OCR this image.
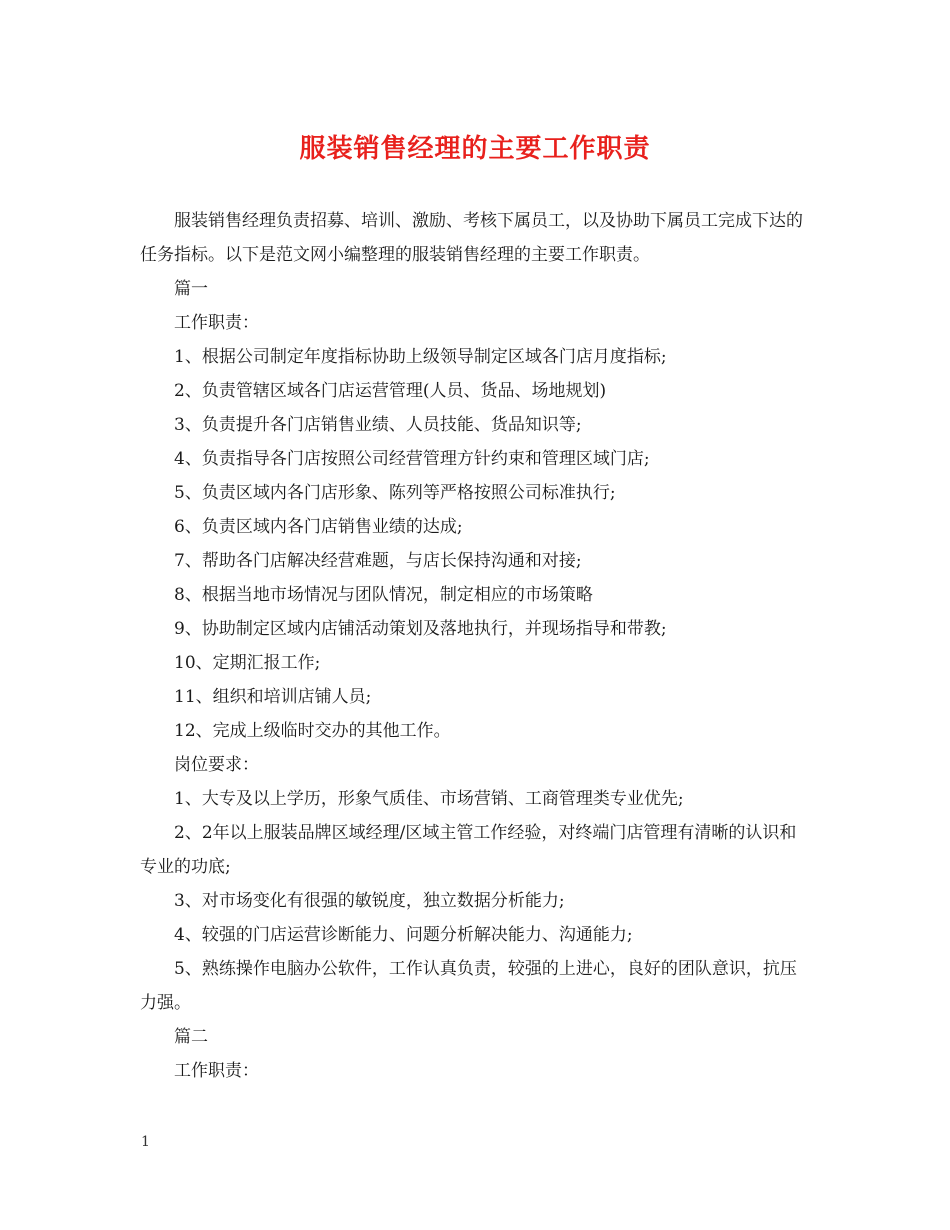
服装销售经理的主要工作职责

服装销售经理负责招募、培训、激励、考核下属员工，以及协助下属员工完成下达的任务指标。以下是范文网小编整理的服装销售经理的主要工作职责。

篇一

工作职责：

1、根据公司制定年度指标协助上级领导制定区域各门店月度指标;

2、负责管辖区域各门店运营管理(人员、货品、场地规划)

3、负责提升各门店销售业绩、人员技能、货品知识等;

4、负责指导各门店按照公司经营管理方针约束和管理区域门店;

5、负责区域内各门店形象、陈列等严格按照公司标准执行;

6、负责区域内各门店销售业绩的达成;

7、帮助各门店解决经营难题，与店长保持沟通和对接;

8、根据当地市场情况与团队情况，制定相应的市场策略

9、协助制定区域内店铺活动策划及落地执行，并现场指导和带教;

10、定期汇报工作;

11、组织和培训店铺人员;

12、完成上级临时交办的其他工作。

岗位要求：

1、大专及以上学历，形象气质佳、市场营销、工商管理类专业优先;

2、2年以上服装品牌区域经理/区域主管工作经验，对终端门店管理有清晰的认识和专业的功底;

3、对市场变化有很强的敏锐度，独立数据分析能力;

4、较强的门店运营诊断能力、问题分析解决能力、沟通能力;

5、熟练操作电脑办公软件，工作认真负责，较强的上进心，良好的团队意识，抗压力强。

篇二

工作职责：

1
